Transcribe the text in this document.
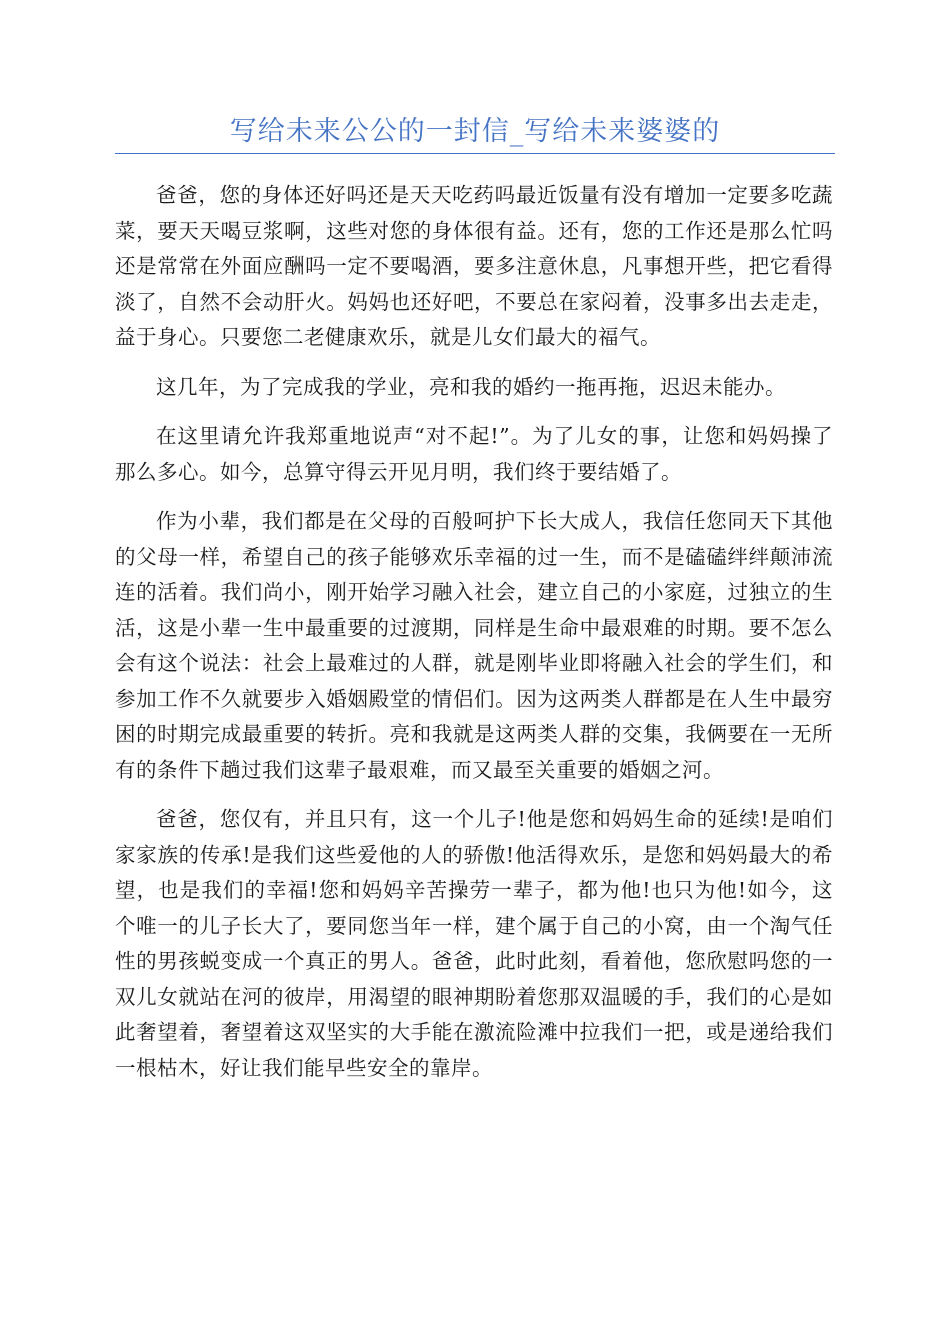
写给未来公公的一封信_写给未来婆婆的

爸爸，您的身体还好吗还是天天吃药吗最近饭量有没有增加一定要多吃蔬菜，要天天喝豆浆啊，这些对您的身体很有益。还有，您的工作还是那么忙吗还是常常在外面应酬吗一定不要喝酒，要多注意休息，凡事想开些，把它看得淡了，自然不会动肝火。妈妈也还好吧，不要总在家闷着，没事多出去走走，益于身心。只要您二老健康欢乐，就是儿女们最大的福气。

这几年，为了完成我的学业，亮和我的婚约一拖再拖，迟迟未能办。

在这里请允许我郑重地说声“对不起!”。为了儿女的事，让您和妈妈操了那么多心。如今，总算守得云开见月明，我们终于要结婚了。

作为小辈，我们都是在父母的百般呵护下长大成人，我信任您同天下其他的父母一样，希望自己的孩子能够欢乐幸福的过一生，而不是磕磕绊绊颠沛流连的活着。我们尚小，刚开始学习融入社会，建立自己的小家庭，过独立的生活，这是小辈一生中最重要的过渡期，同样是生命中最艰难的时期。要不怎么会有这个说法：社会上最难过的人群，就是刚毕业即将融入社会的学生们，和参加工作不久就要步入婚姻殿堂的情侣们。因为这两类人群都是在人生中最穷困的时期完成最重要的转折。亮和我就是这两类人群的交集，我俩要在一无所有的条件下趟过我们这辈子最艰难，而又最至关重要的婚姻之河。

爸爸，您仅有，并且只有，这一个儿子!他是您和妈妈生命的延续!是咱们家家族的传承!是我们这些爱他的人的骄傲!他活得欢乐，是您和妈妈最大的希望，也是我们的幸福!您和妈妈辛苦操劳一辈子，都为他!也只为他!如今，这个唯一的儿子长大了，要同您当年一样，建个属于自己的小窝，由一个淘气任性的男孩蜕变成一个真正的男人。爸爸，此时此刻，看着他，您欣慰吗您的一双儿女就站在河的彼岸，用渴望的眼神期盼着您那双温暖的手，我们的心是如此奢望着，奢望着这双坚实的大手能在激流险滩中拉我们一把，或是递给我们一根枯木，好让我们能早些安全的靠岸。
